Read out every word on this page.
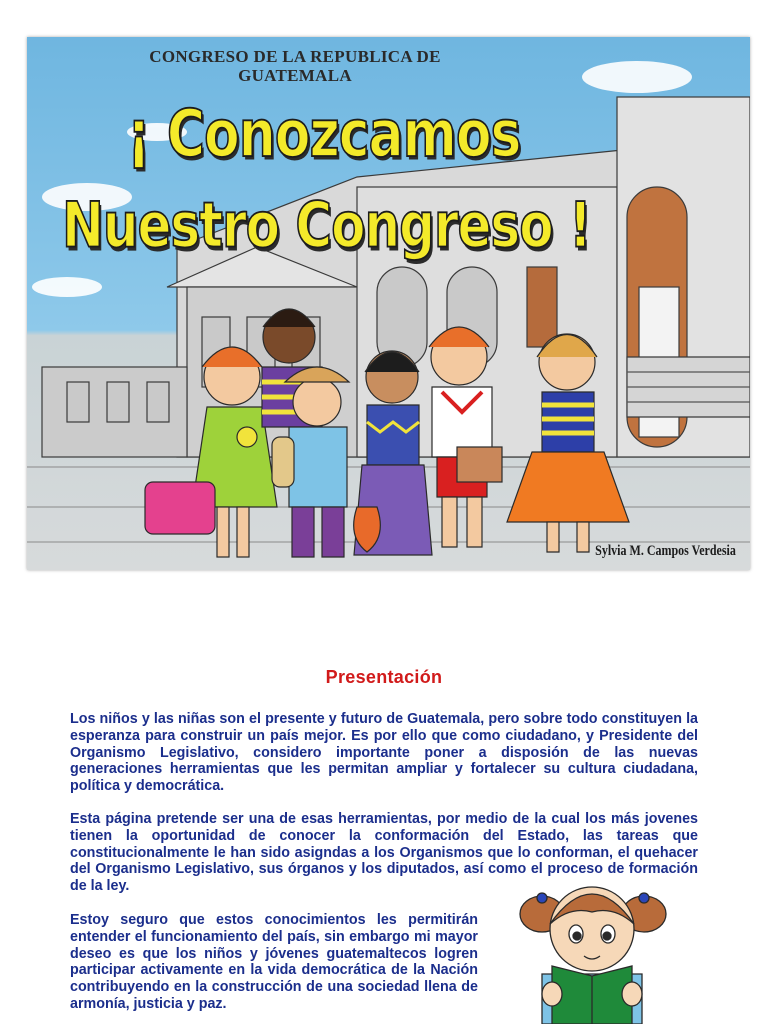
CONGRESO DE LA REPUBLICA DE GUATEMALA
¡ Conozcamos
Nuestro Congreso !
Sylvia M. Campos Verdesia
Presentación

Los niños y las niñas son el presente y futuro de Guatemala, pero sobre todo constituyen la esperanza para construir un país mejor. Es por ello que como ciudadano, y Presidente del Organismo Legislativo, considero importante poner a disposión de las nuevas generaciones herramientas que les permitan ampliar y fortalecer su cultura ciudadana, política y democrática.

Esta página pretende ser una de esas herramientas, por medio de la cual los más jovenes tienen la oportunidad de conocer la conformación del Estado, las tareas que constitucionalmente le han sido asigndas a los Organismos que lo conforman, el quehacer del Organismo Legislativo, sus órganos y los diputados, así como el proceso de formación de la ley.

Estoy seguro que estos conocimientos les permitirán entender el funcionamiento del país, sin embargo mi mayor deseo es que los niños y jóvenes guatemaltecos logren participar activamente en la vida democrática de la Nación contribuyendo en la construcción de una sociedad llena de armonía, justicia y paz.
